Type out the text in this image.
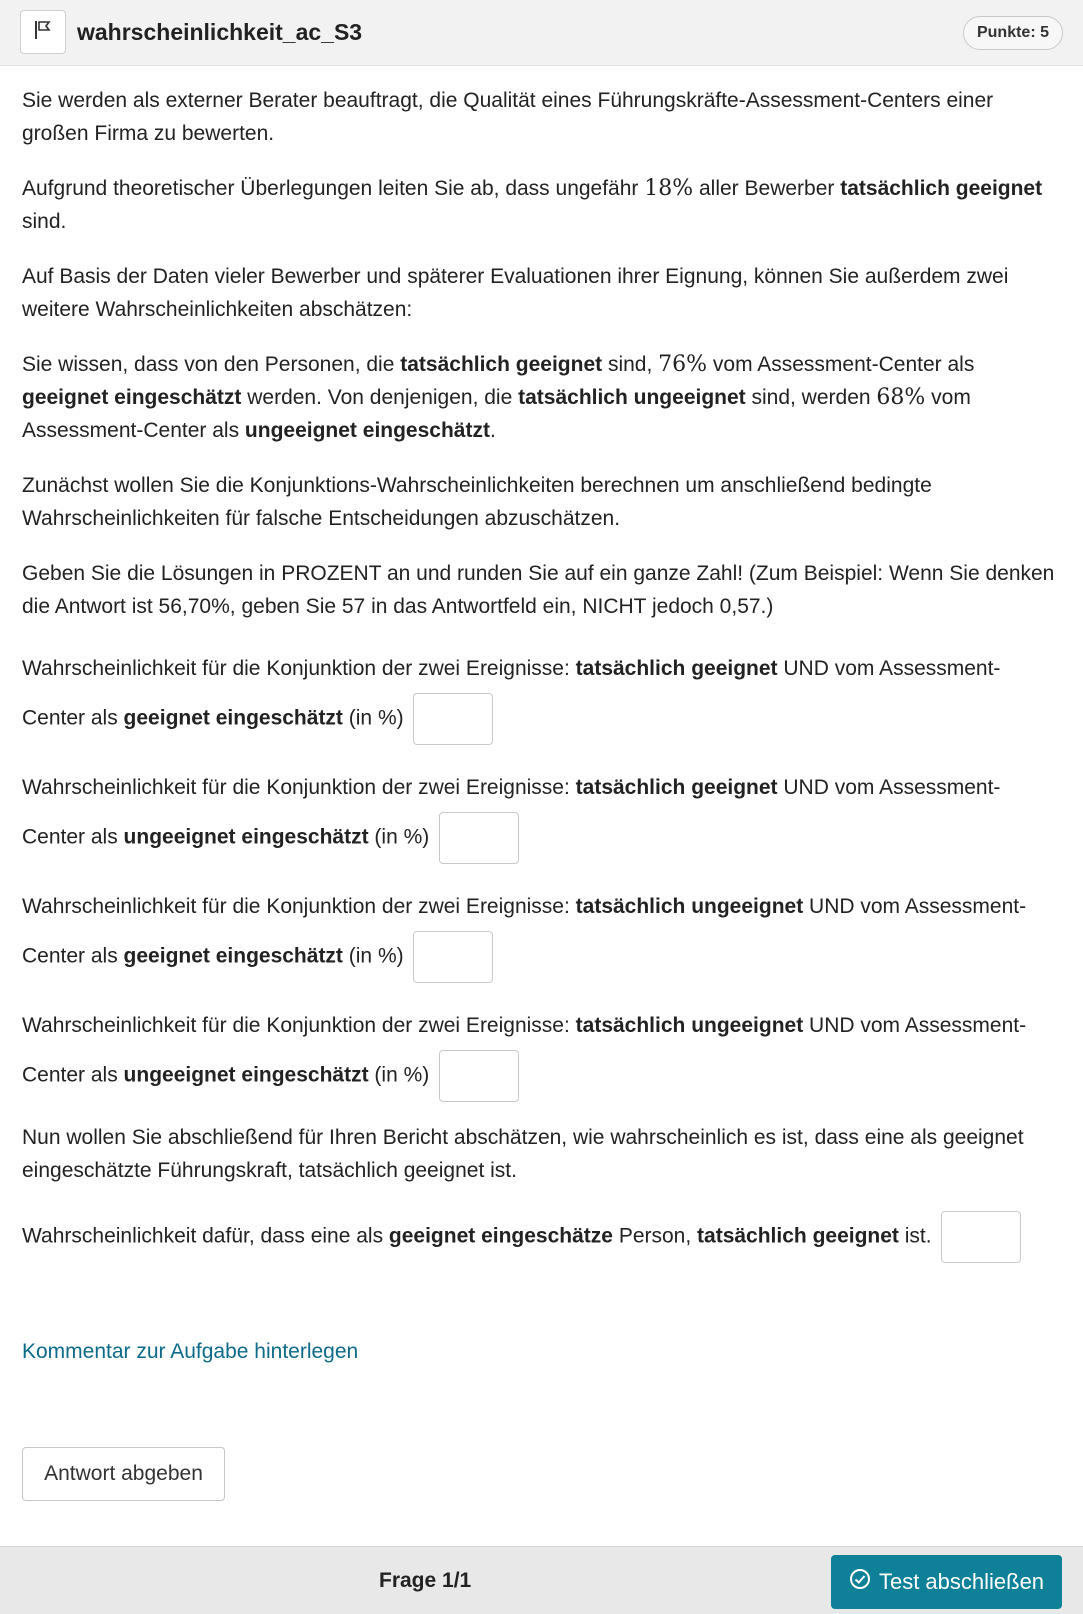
wahrscheinlichkeit_ac_S3	Punkte: 5

Sie werden als externer Berater beauftragt, die Qualität eines Führungskräfte-Assessment-Centers einer großen Firma zu bewerten.

Aufgrund theoretischer Überlegungen leiten Sie ab, dass ungefähr 18% aller Bewerber tatsächlich geeignet sind.

Auf Basis der Daten vieler Bewerber und späterer Evaluationen ihrer Eignung, können Sie außerdem zwei weitere Wahrscheinlichkeiten abschätzen:

Sie wissen, dass von den Personen, die tatsächlich geeignet sind, 76% vom Assessment-Center als geeignet eingeschätzt werden. Von denjenigen, die tatsächlich ungeeignet sind, werden 68% vom Assessment-Center als ungeeignet eingeschätzt.

Zunächst wollen Sie die Konjunktions-Wahrscheinlichkeiten berechnen um anschließend bedingte Wahrscheinlichkeiten für falsche Entscheidungen abzuschätzen.

Geben Sie die Lösungen in PROZENT an und runden Sie auf ein ganze Zahl! (Zum Beispiel: Wenn Sie denken die Antwort ist 56,70%, geben Sie 57 in das Antwortfeld ein, NICHT jedoch 0,57.)

Wahrscheinlichkeit für die Konjunktion der zwei Ereignisse: tatsächlich geeignet UND vom Assessment-Center als geeignet eingeschätzt (in %)
Wahrscheinlichkeit für die Konjunktion der zwei Ereignisse: tatsächlich geeignet UND vom Assessment-Center als ungeeignet eingeschätzt (in %)
Wahrscheinlichkeit für die Konjunktion der zwei Ereignisse: tatsächlich ungeeignet UND vom Assessment-Center als geeignet eingeschätzt (in %)
Wahrscheinlichkeit für die Konjunktion der zwei Ereignisse: tatsächlich ungeeignet UND vom Assessment-Center als ungeeignet eingeschätzt (in %)

Nun wollen Sie abschließend für Ihren Bericht abschätzen, wie wahrscheinlich es ist, dass eine als geeignet eingeschätzte Führungskraft, tatsächlich geeignet ist.

Wahrscheinlichkeit dafür, dass eine als geeignet eingeschätze Person, tatsächlich geeignet ist.
Kommentar zur Aufgabe hinterlegen
Antwort abgeben
Frage 1/1	Test abschließen
